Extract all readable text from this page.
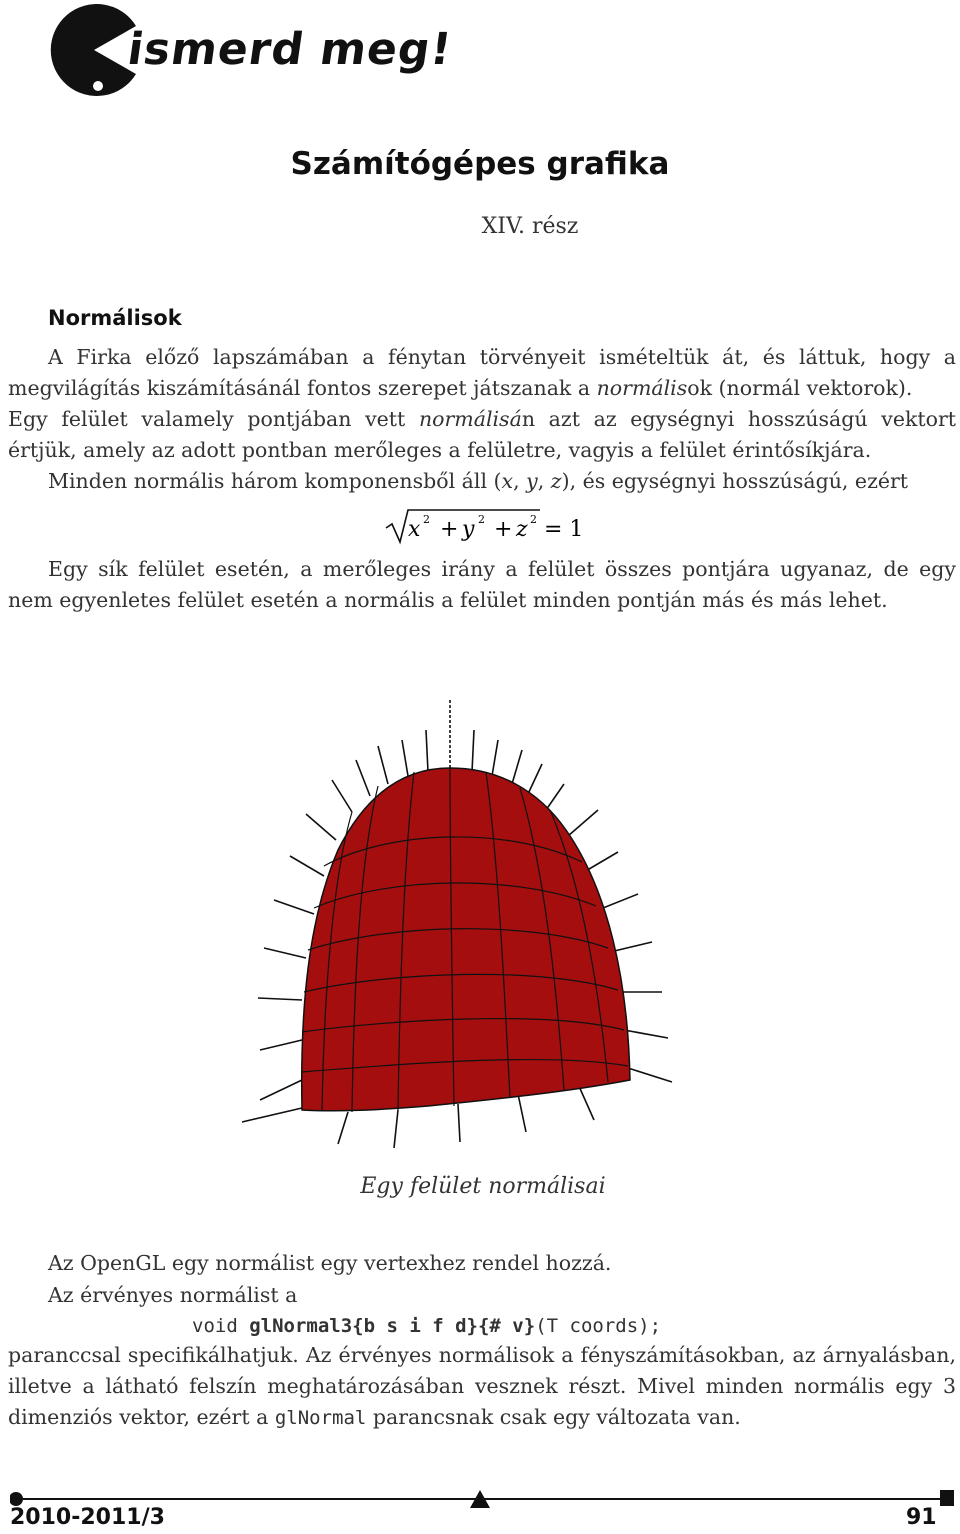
ismerd meg!
Számítógépes grafika
XIV. rész
Normálisok
A Firka előző lapszámában a fénytan törvényeit ismételtük át, és láttuk, hogy a megvilágítás kiszámításánál fontos szerepet játszanak a normálisok (normál vektorok).
Egy felület valamely pontjában vett normálisán azt az egységnyi hosszúságú vektort értjük, amely az adott pontban merőleges a felületre, vagyis a felület érintősíkjára.
Minden normális három komponensből áll (x, y, z), és egységnyi hosszúságú, ezért
x 2 + y 2 + z 2 = 1
Egy sík felület esetén, a merőleges irány a felület összes pontjára ugyanaz, de egy nem egyenletes felület esetén a normális a felület minden pontján más és más lehet.
Egy felület normálisai
Az OpenGL egy normálist egy vertexhez rendel hozzá.
Az érvényes normálist a
void glNormal3{b s i f d}{# v}(T coords);
paranccsal specifikálhatjuk. Az érvényes normálisok a fényszámításokban, az árnyalásban, illetve a látható felszín meghatározásában vesznek részt. Mivel minden normális egy 3 dimenziós vektor, ezért a glNormal parancsnak csak egy változata van.
2010-2011/3	91
